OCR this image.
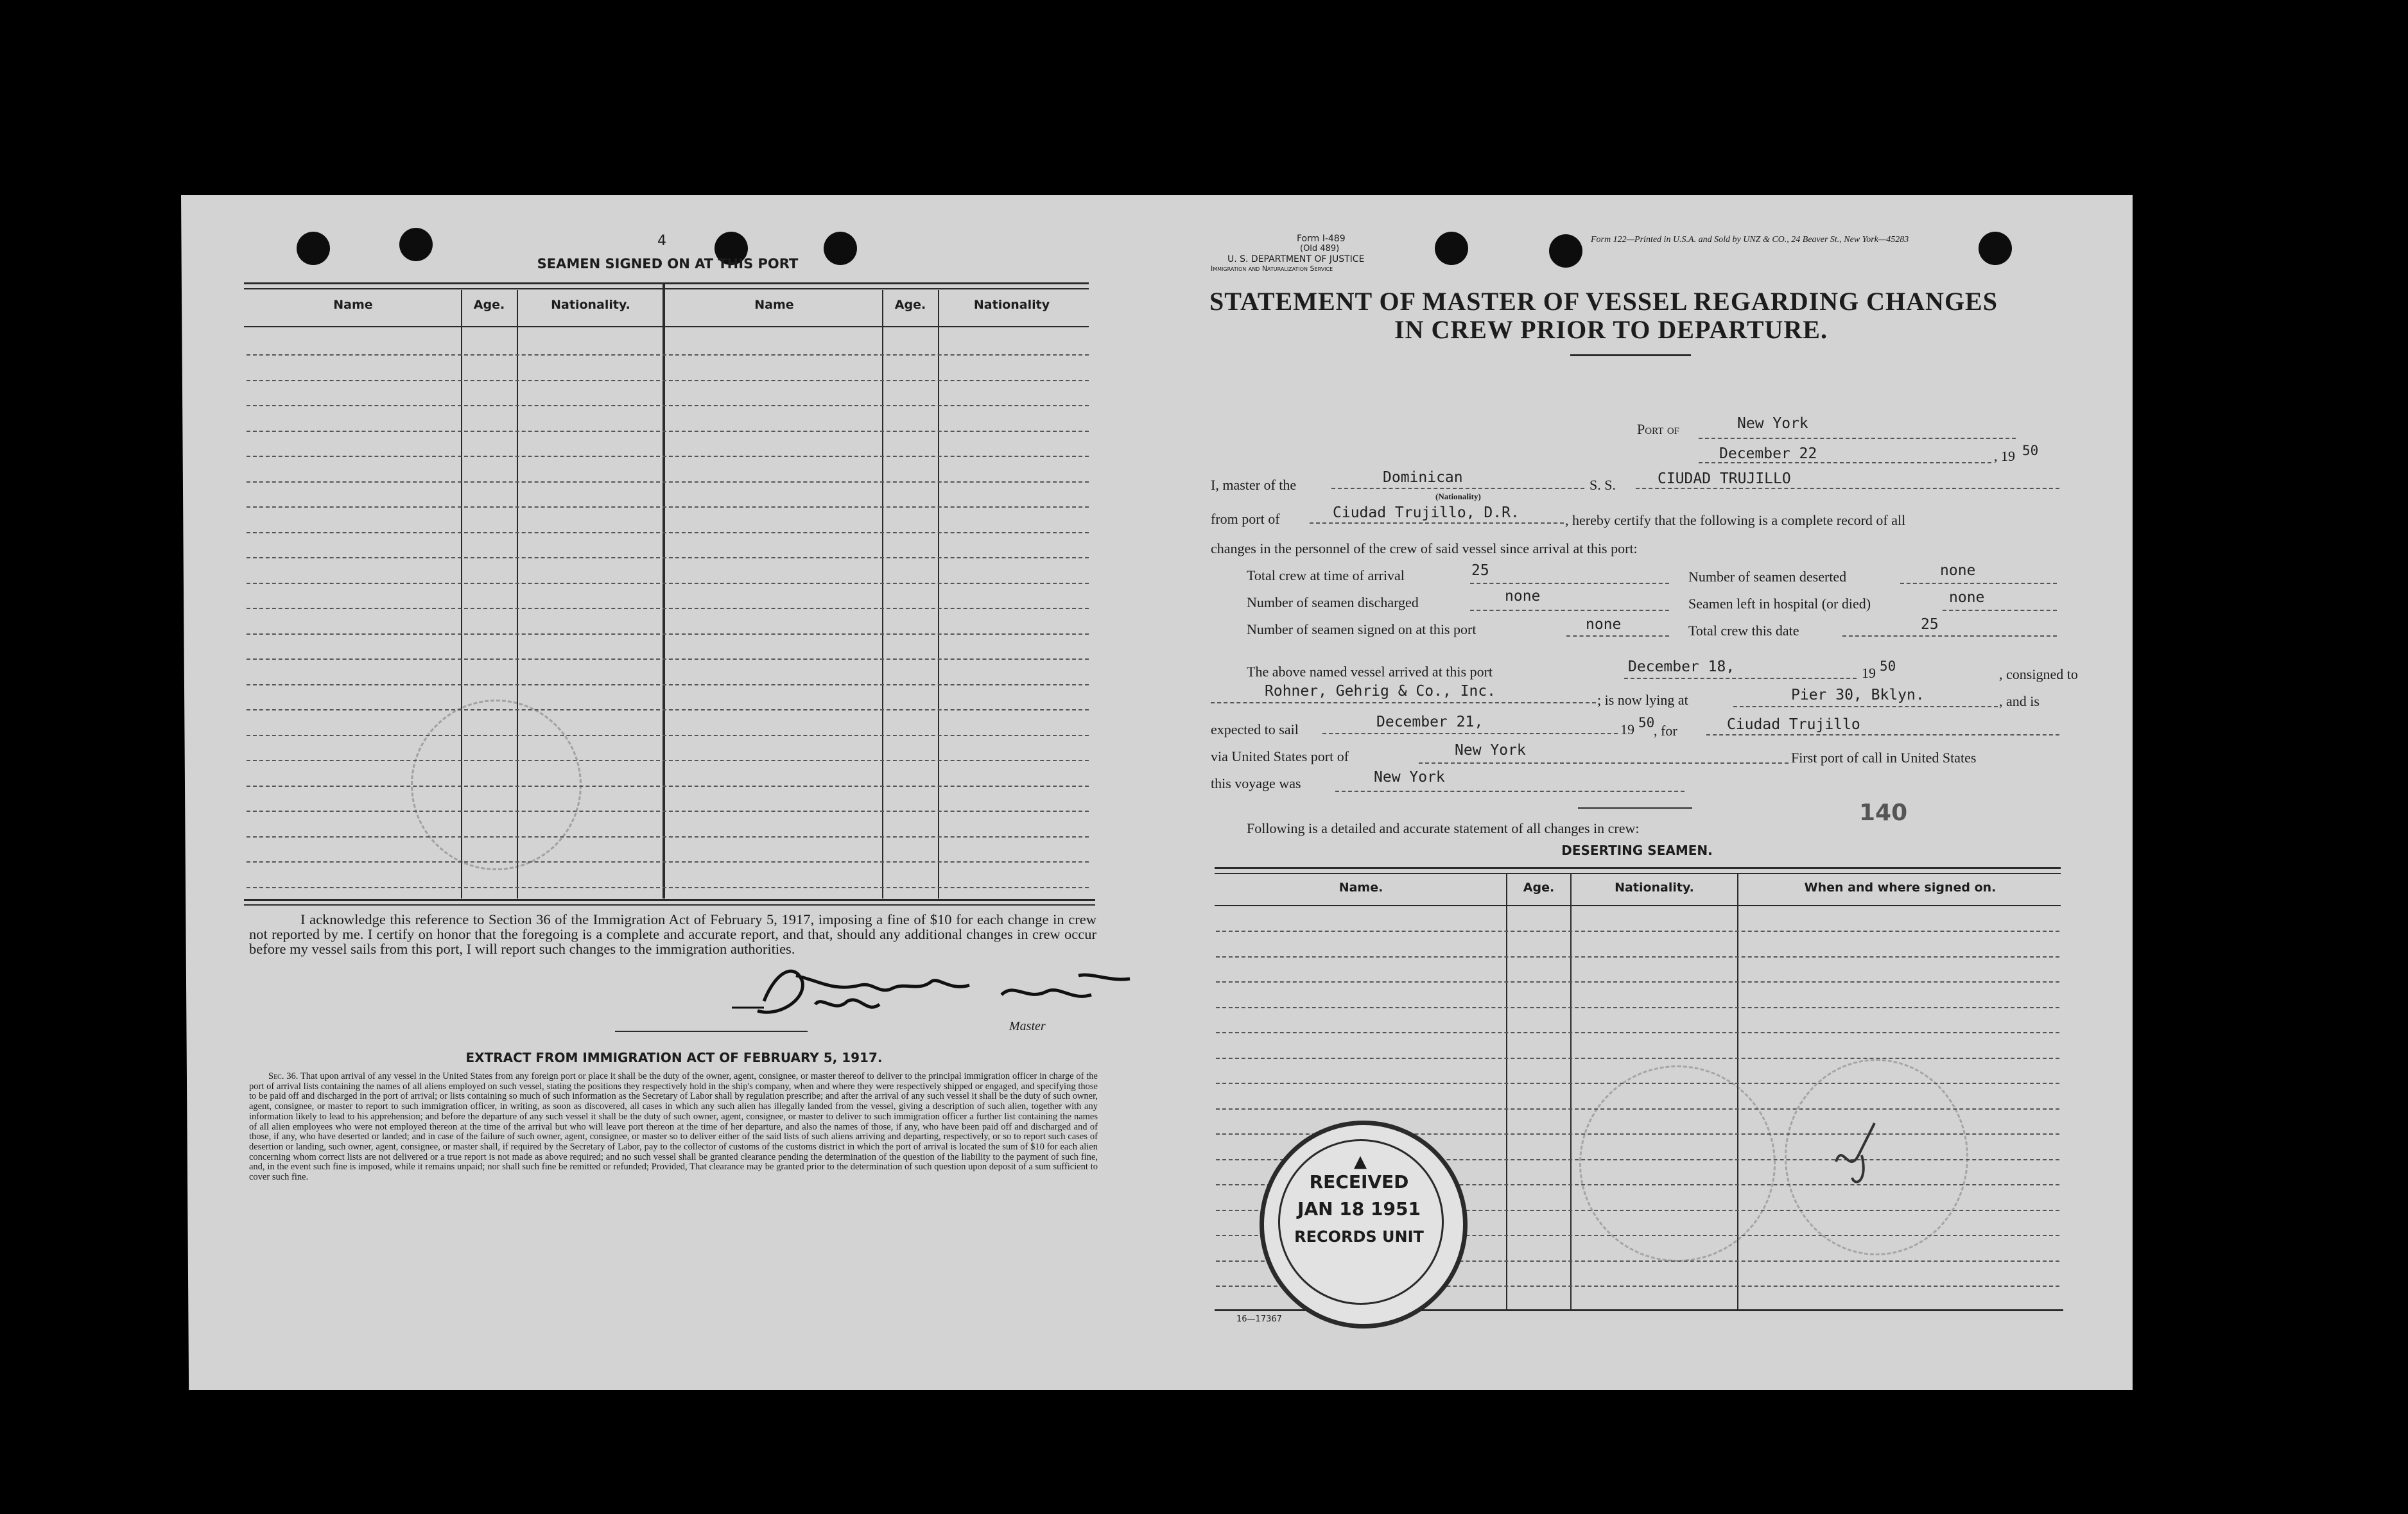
4
SEAMEN SIGNED ON AT THIS PORT
Name	Age.	Nationality.	Name	Age.	Nationality
I acknowledge this reference to Section 36 of the Immigration Act of February 5, 1917, imposing a fine of $10 for each change in crew not reported by me. I certify on honor that the foregoing is a complete and accurate report, and that, should any additional changes in crew occur before my vessel sails from this port, I will report such changes to the immigration authorities.
Master
EXTRACT FROM IMMIGRATION ACT OF FEBRUARY 5, 1917.
Sec. 36. That upon arrival of any vessel in the United States from any foreign port or place it shall be the duty of the owner, agent, consignee, or master thereof to deliver to the principal immigration officer in charge of the port of arrival lists containing the names of all aliens employed on such vessel, stating the positions they respectively hold in the ship's company, when and where they were respectively shipped or engaged, and specifying those to be paid off and discharged in the port of arrival; or lists containing so much of such information as the Secretary of Labor shall by regulation prescribe; and after the arrival of any such vessel it shall be the duty of such owner, agent, consignee, or master to report to such immigration officer, in writing, as soon as discovered, all cases in which any such alien has illegally landed from the vessel, giving a description of such alien, together with any information likely to lead to his apprehension; and before the departure of any such vessel it shall be the duty of such owner, agent, consignee, or master to deliver to such immigration officer a further list containing the names of all alien employees who were not employed thereon at the time of the arrival but who will leave port thereon at the time of her departure, and also the names of those, if any, who have been paid off and discharged and of those, if any, who have deserted or landed; and in case of the failure of such owner, agent, consignee, or master so to deliver either of the said lists of such aliens arriving and departing, respectively, or so to report such cases of desertion or landing, such owner, agent, consignee, or master shall, if required by the Secretary of Labor, pay to the collector of customs of the customs district in which the port of arrival is located the sum of $10 for each alien concerning whom correct lists are not delivered or a true report is not made as above required; and no such vessel shall be granted clearance pending the determination of the question of the liability to the payment of such fine, and, in the event such fine is imposed, while it remains unpaid; nor shall such fine be remitted or refunded; Provided, That clearance may be granted prior to the determination of such question upon deposit of a sum sufficient to cover such fine.
Form I-489
(Old 489)
U. S. DEPARTMENT OF JUSTICE
Immigration and Naturalization Service
Form 122—Printed in U.S.A. and Sold by UNZ & CO., 24 Beaver St., New York—45283
STATEMENT OF MASTER OF VESSEL REGARDING CHANGES
IN CREW PRIOR TO DEPARTURE.
Port of	New York
December 22	, 19 50
I, master of the	Dominican
(Nationality)
S. S.	CIUDAD TRUJILLO
from port of	Ciudad Trujillo, D.R.	, hereby certify that the following is a complete record of all
changes in the personnel of the crew of said vessel since arrival at this port:
Total crew at time of arrival	25	Number of seamen deserted	none
Number of seamen discharged	none	Seamen left in hospital (or died)	none
Number of seamen signed on at this port	none	Total crew this date	25
The above named vessel arrived at this port	December 18,	19 50	, consigned to
Rohner, Gehrig & Co., Inc.
; is now lying at	Pier 30, Bklyn.	, and is
expected to sail	December 21,	19 50
, for	Ciudad Trujillo
via United States port of	New York	First port of call in United States
this voyage was	New York
Following is a detailed and accurate statement of all changes in crew:
140
DESERTING SEAMEN.
Name.	Age.	Nationality.	When and where signed on.
16—17367
▲
RECEIVED
JAN 18 1951
RECORDS UNIT
